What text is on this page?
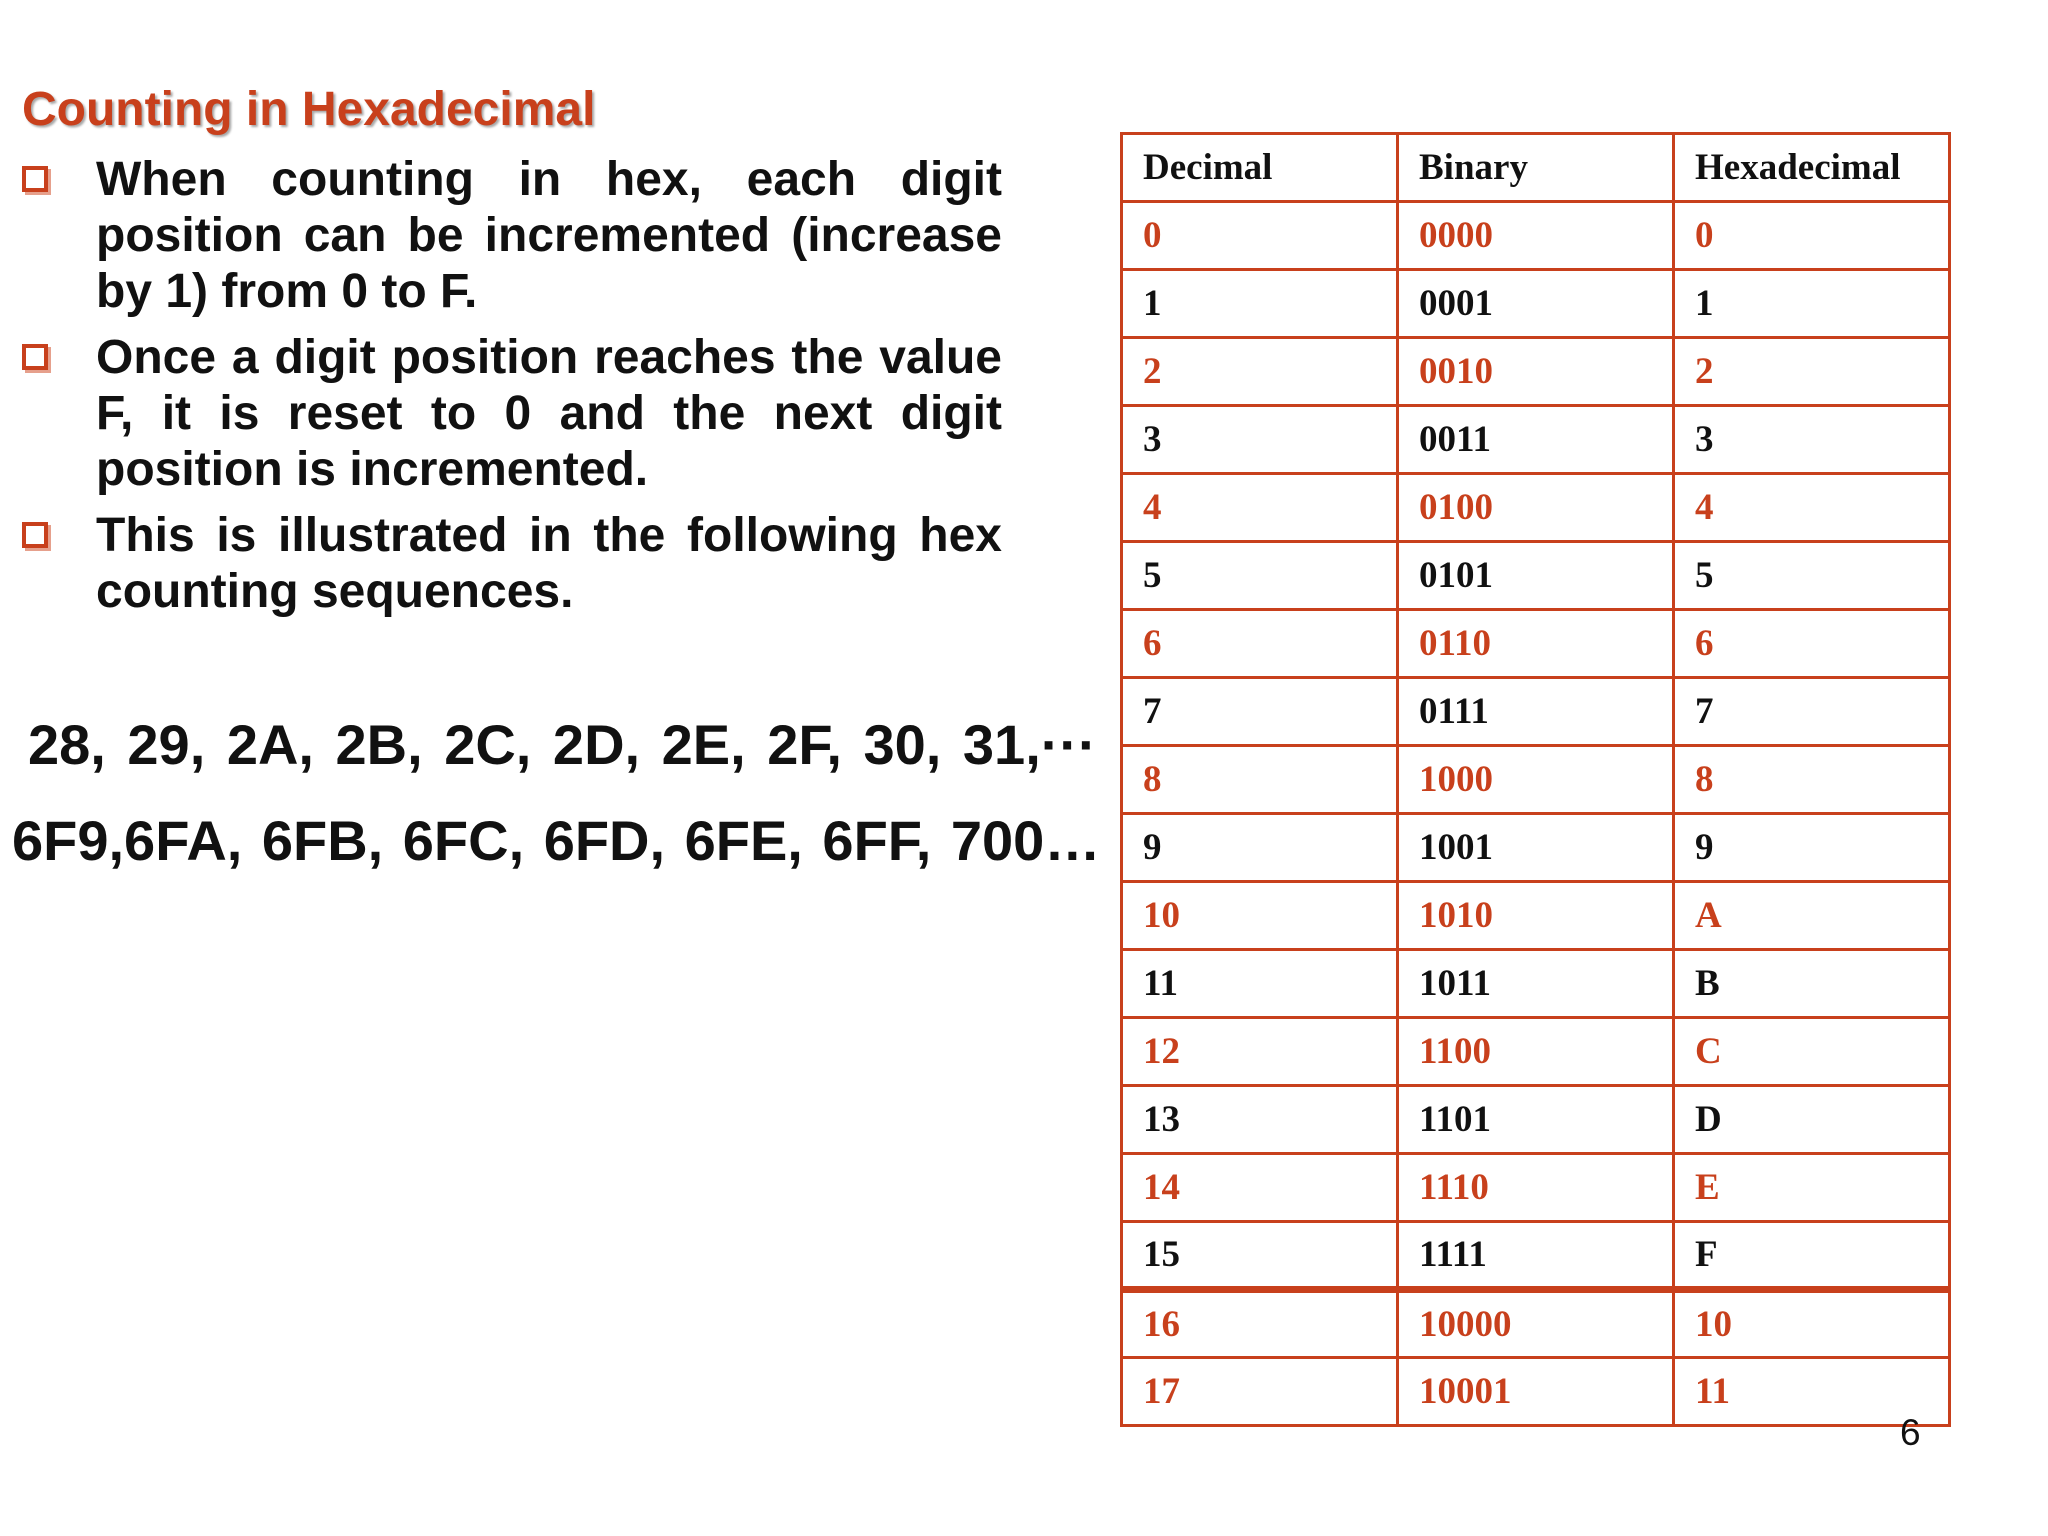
Counting in Hexadecimal
When counting in hex, each digit position can be incremented (increase by 1) from 0 to F.
Once a digit position reaches the value F, it is reset to 0 and the next digit position is incremented.
This is illustrated in the following hex counting sequences.
28, 29, 2A, 2B, 2C, 2D, 2E, 2F, 30, 31,···
6F9,6FA, 6FB, 6FC, 6FD, 6FE, 6FF, 700…
Decimal	Binary	Hexadecimal
0	0000	0
1	0001	1
2	0010	2
3	0011	3
4	0100	4
5	0101	5
6	0110	6
7	0111	7
8	1000	8
9	1001	9
10	1010	A
11	1011	B
12	1100	C
13	1101	D
14	1110	E
15	1111	F
16	10000	10
17	10001	11
6
